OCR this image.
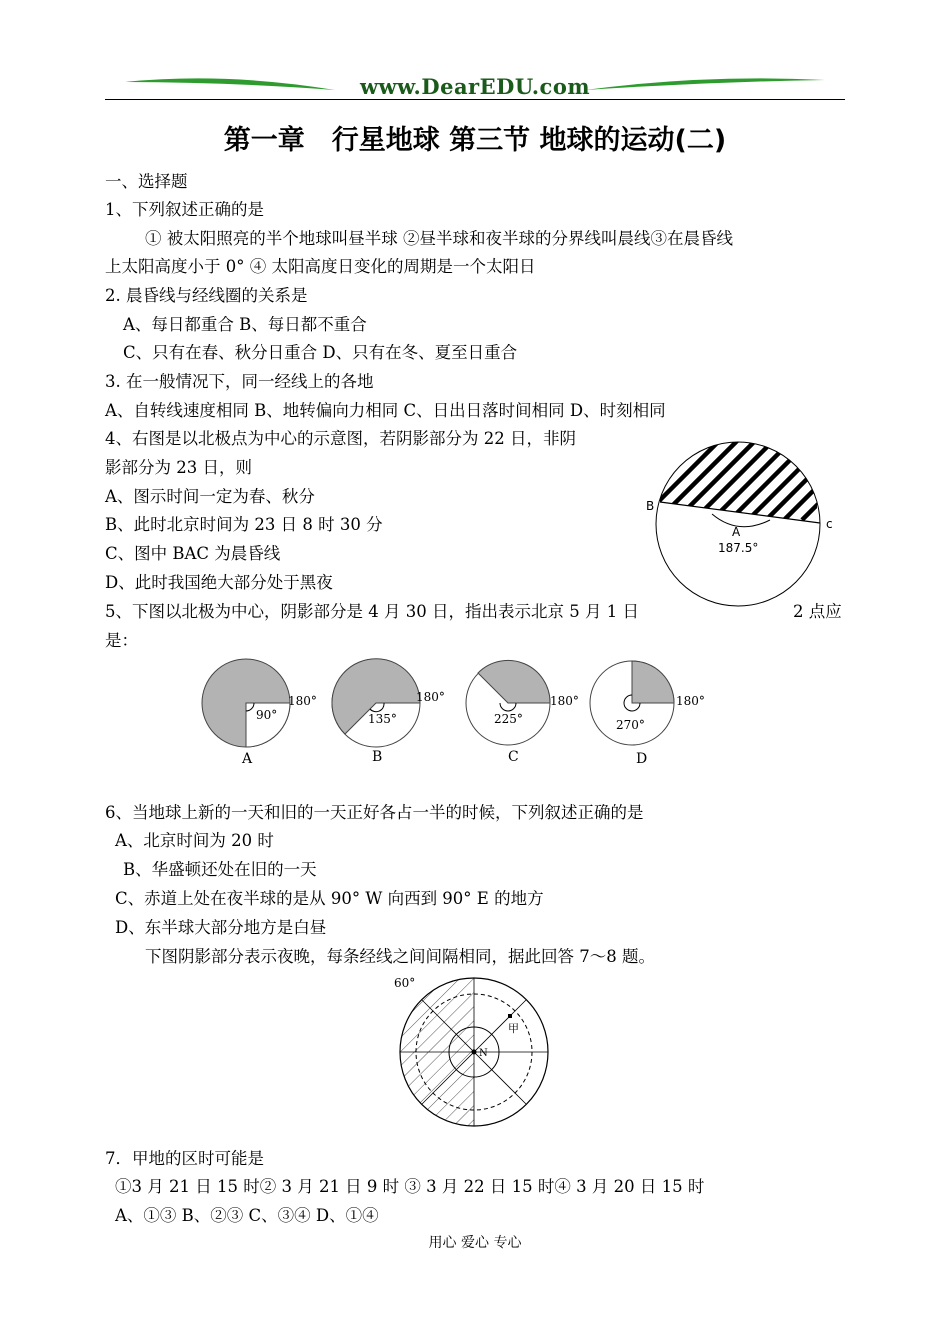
www.DearEDU.com
第一章　行星地球 第三节 地球的运动(二)
一、选择题
1、下列叙述正确的是
① 被太阳照亮的半个地球叫昼半球 ②昼半球和夜半球的分界线叫晨线③在晨昏线
上太阳高度小于 0° ④ 太阳高度日变化的周期是一个太阳日
2. 晨昏线与经线圈的关系是
A、每日都重合 B、每日都不重合
C、只有在春、秋分日重合 D、只有在冬、夏至日重合
3. 在一般情况下，同一经线上的各地
A、自转线速度相同 B、地转偏向力相同 C、日出日落时间相同 D、时刻相同
4、右图是以北极点为中心的示意图，若阴影部分为 22 日，非阴
影部分为 23 日，则
A、图示时间一定为春、秋分
B、此时北京时间为 23 日 8 时 30 分
C、图中 BAC 为晨昏线
D、此时我国绝大部分处于黑夜
B
A
c
187.5°
5、下图以北极为中心，阴影部分是 4 月 30 日，指出表示北京 5 月 1 日	2 点应
是：
90°
180°
A
135°
180°
B
225°
180°
C
270°
180°
D
6、当地球上新的一天和旧的一天正好各占一半的时候，下列叙述正确的是
A、北京时间为 20 时
B、华盛顿还处在旧的一天
C、赤道上处在夜半球的是从 90° W 向西到 90° E 的地方
D、东半球大部分地方是白昼
下图阴影部分表示夜晚，每条经线之间间隔相同，据此回答 7～8 题。
60°
甲
N
7．甲地的区时可能是
①3 月 21 日 15 时② 3 月 21 日 9 时 ③ 3 月 22 日 15 时④ 3 月 20 日 15 时
A、①③ B、②③ C、③④ D、①④
用心 爱心 专心
